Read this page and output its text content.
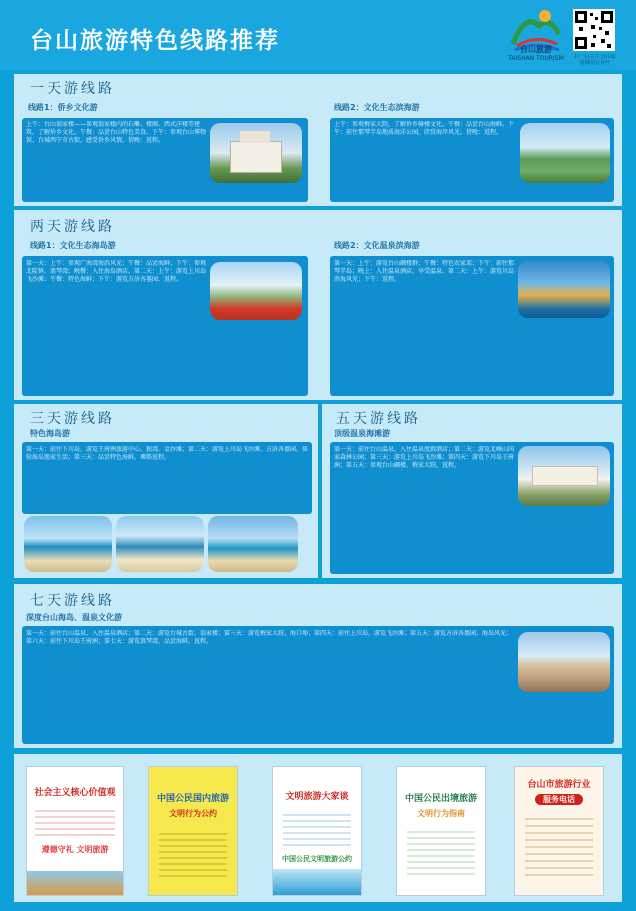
台山旅游特色线路推荐	台山旅游
TAISHAN TOURISM	扫一扫关注 台山旅游微信公众号
一天游线路
线路1：侨乡文化游	线路2：文化生态滨海游
上午：台山翁家楼——参观翁家楼内的石雕、楼阁、西式洋楼等建筑，了解侨乡文化。午餐：品尝台山特色美食。下午：参观台山博物馆、台城西宁市古街，感受侨乡风情。傍晚：返程。
上午：参观梅家大院，了解侨乡骑楼文化。午餐：品尝台山海鲜。下午：前往那琴半岛地质海洋公园，欣赏海岸风光。傍晚：返程。
两天游线路
线路1：文化生态海岛游	线路2：文化温泉滨海游
第一天：上午：参观广海湾海滨风光；午餐：品尝海鲜；下午：参观北陡镇、浪琴湾；晚餐：入住海岛酒店。第二天：上午：游览上川岛飞沙滩；午餐：特色海鲜；下午：游览方济各墓园、返程。
第一天：上午：游览台山碉楼群；午餐：特色农家菜；下午：前往那琴半岛；晚上：入住温泉酒店，享受温泉。第二天：上午：游览川岛滨海风光；下午：返程。
三天游线路
特色海岛游
第一天：前往下川岛，游览王府洲旅游中心、独湾、金沙滩；第二天：游览上川岛飞沙滩、方济各墓园，体验海岛渔家生活；第三天：品尝特色海鲜，乘船返程。
五天游线路
顶级温泉海滩游
第一天：前往台山温泉，入住温泉度假酒店；第二天：游览北峰山国家森林公园；第三天：游览上川岛飞沙滩；第四天：游览下川岛王府洲；第五天：参观台山碉楼、梅家大院，返程。
七天游线路
深度台山海岛、温泉文化游
第一天：前往台山温泉，入住温泉酒店；第二天：游览台城古街、翁家楼；第三天：游览梅家大院、海口埠；第四天：前往上川岛，游览飞沙滩；第五天：游览方济各墓园、海岛风光；第六天：前往下川岛王府洲；第七天：游览浪琴湾、品尝海鲜，返程。
社会主义核心价值观
遵德守礼 文明旅游
中国公民国内旅游
文明行为公约
文明旅游大家谈
中国公民文明旅游公约
中国公民出境旅游
文明行为指南
台山市旅游行业
服务电话
